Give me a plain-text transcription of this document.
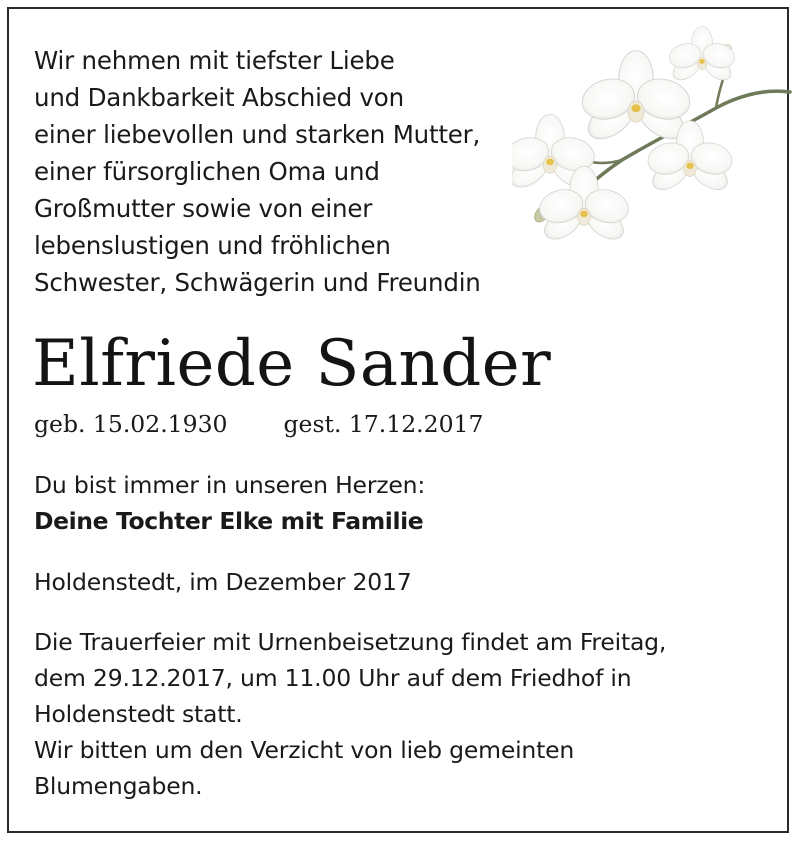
Wir nehmen mit tiefster Liebe
und Dankbarkeit Abschied von
einer liebevollen und starken Mutter,
einer fürsorglichen Oma und
Großmutter sowie von einer
lebenslustigen und fröhlichen
Schwester, Schwägerin und Freundin
Elfriede Sander
geb. 15.02.1930 gest. 17.12.2017
Du bist immer in unseren Herzen:
Deine Tochter Elke mit Familie
Holdenstedt, im Dezember 2017
Die Trauerfeier mit Urnenbeisetzung findet am Freitag,
dem 29.12.2017, um 11.00 Uhr auf dem Friedhof in
Holdenstedt statt.
Wir bitten um den Verzicht von lieb gemeinten
Blumengaben.
